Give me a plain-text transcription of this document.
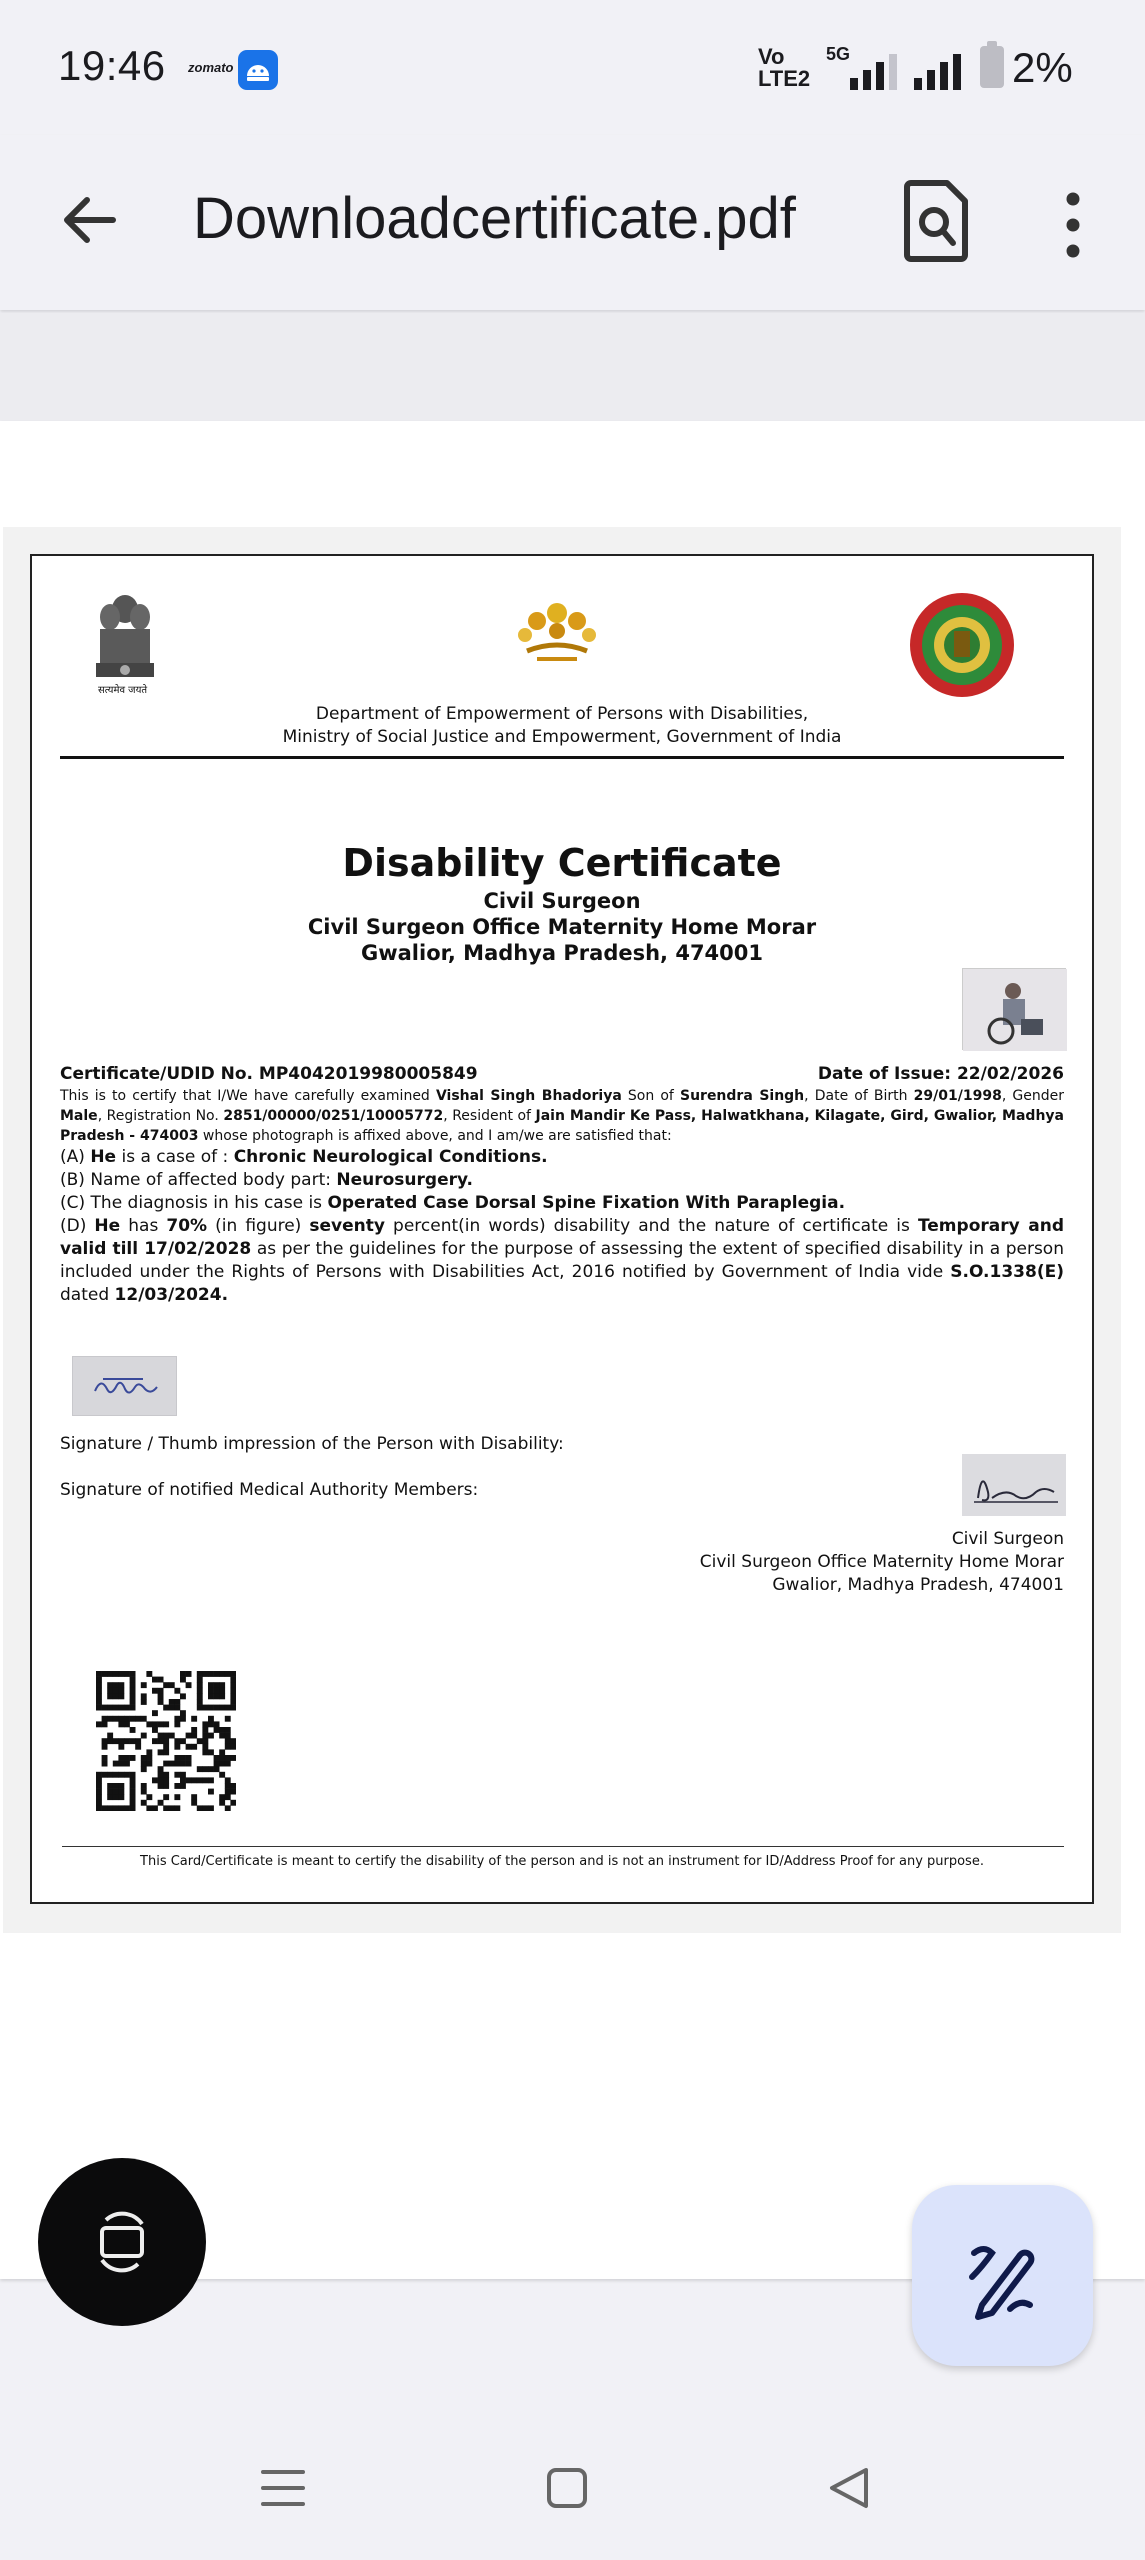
19:46 zomato	Vo
LTE2
5G	2%
Downloadcertificate.pdf
सत्यमेव जयते
Department of Empowerment of Persons with Disabilities,
Ministry of Social Justice and Empowerment, Government of India
Disability Certificate
Civil Surgeon
Civil Surgeon Office Maternity Home Morar
Gwalior, Madhya Pradesh, 474001
Certificate/UDID No. MP4042019980005849	Date of Issue: 22/02/2026

This is to certify that I/We have carefully examined Vishal Singh Bhadoriya Son of Surendra Singh, Date of Birth 29/01/1998, Gender Male, Registration No. 2851/00000/0251/10005772, Resident of Jain Mandir Ke Pass, Halwatkhana, Kilagate, Gird, Gwalior, Madhya Pradesh - 474003 whose photograph is affixed above, and I am/we are satisfied that:

(A) He is a case of : Chronic Neurological Conditions.

(B) Name of affected body part: Neurosurgery.

(C) The diagnosis in his case is Operated Case Dorsal Spine Fixation With Paraplegia.

(D) He has 70% (in figure) seventy percent(in words) disability and the nature of certificate is Temporary and valid till 17/02/2028 as per the guidelines for the purpose of assessing the extent of specified disability in a person included under the Rights of Persons with Disabilities Act, 2016 notified by Government of India vide S.O.1338(E) dated 12/03/2024.

Signature / Thumb impression of the Person with Disability:
Signature of notified Medical Authority Members:
Civil Surgeon
Civil Surgeon Office Maternity Home Morar
Gwalior, Madhya Pradesh, 474001
This Card/Certificate is meant to certify the disability of the person and is not an instrument for ID/Address Proof for any purpose.
